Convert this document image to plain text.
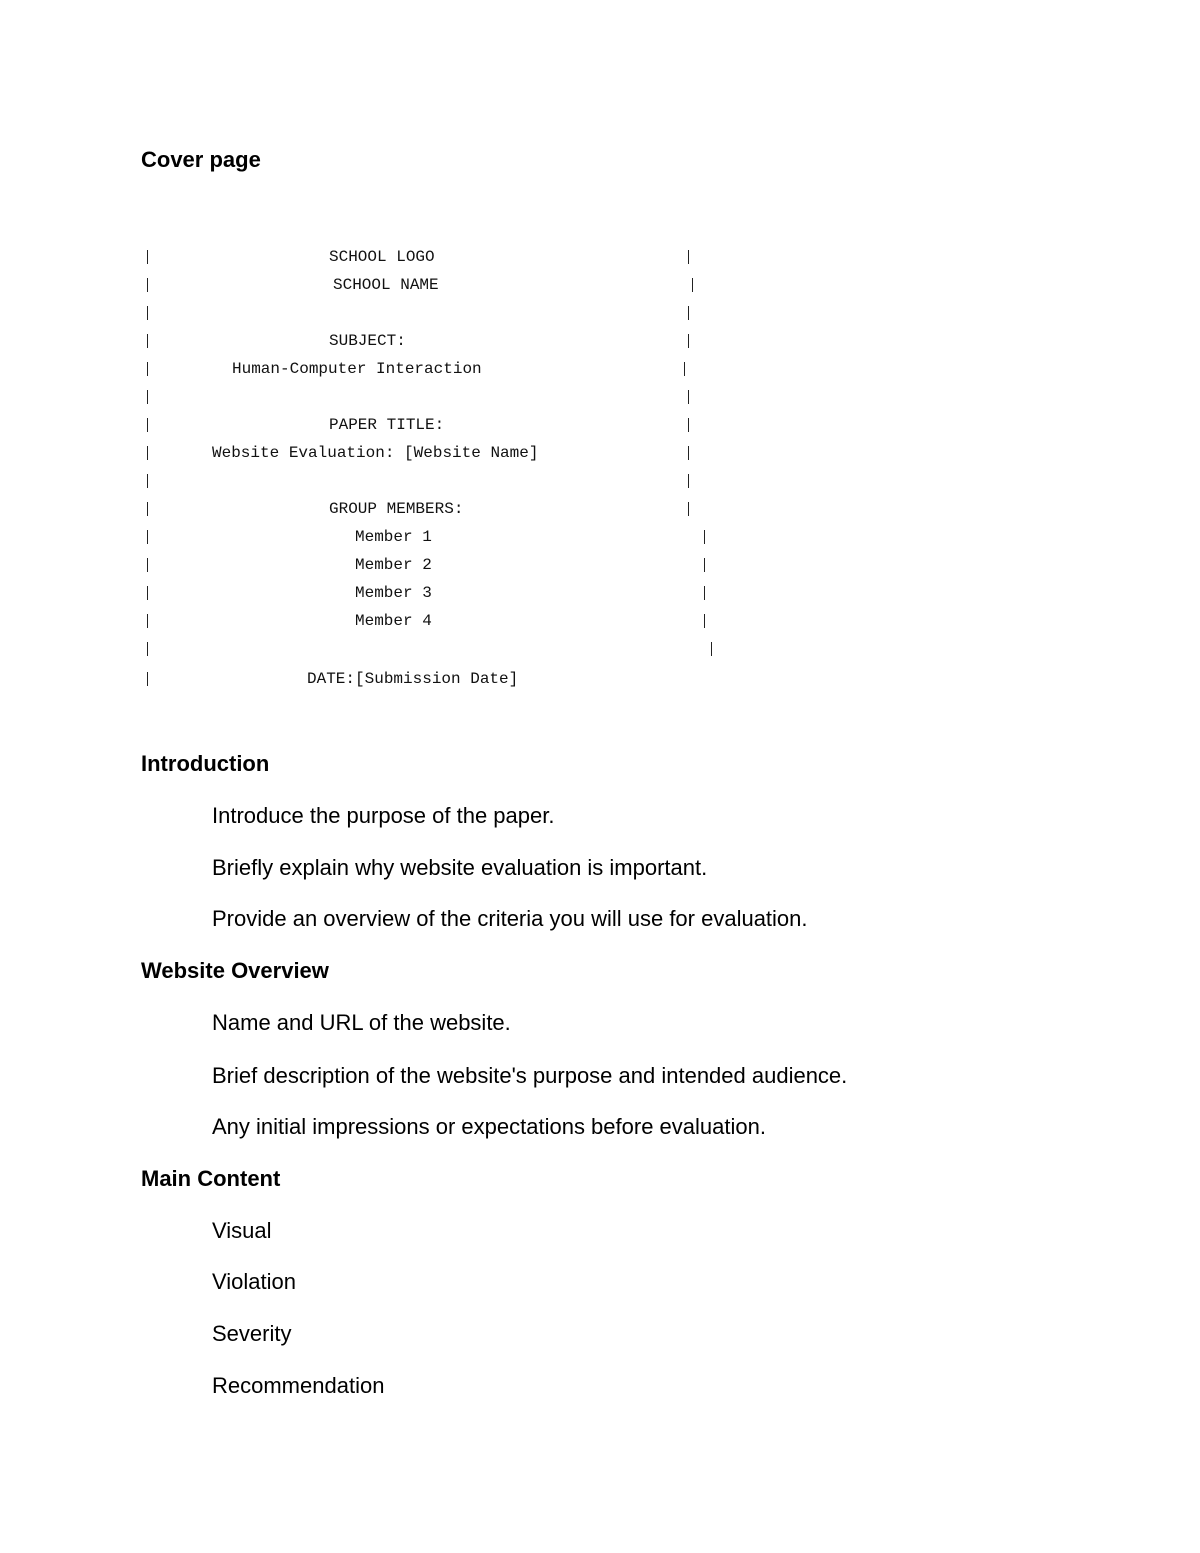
Cover page
SCHOOL LOGO
SCHOOL NAME
SUBJECT:
Human-Computer Interaction
PAPER TITLE:
Website Evaluation: [Website Name]
GROUP MEMBERS:
Member 1
Member 2
Member 3
Member 4
DATE:[Submission Date]
Introduction
Introduce the purpose of the paper.
Briefly explain why website evaluation is important.
Provide an overview of the criteria you will use for evaluation.
Website Overview
Name and URL of the website.
Brief description of the website's purpose and intended audience.
Any initial impressions or expectations before evaluation.
Main Content
Visual
Violation
Severity
Recommendation
